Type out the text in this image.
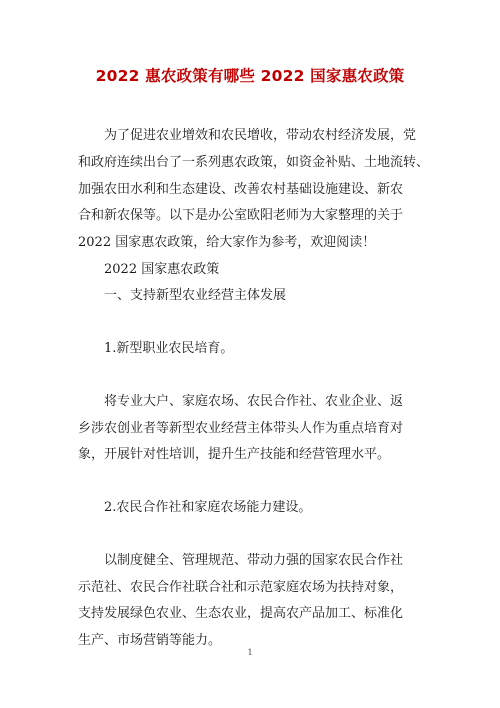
2022 惠农政策有哪些 2022 国家惠农政策
为了促进农业增效和农民增收，带动农村经济发展，党
和政府连续出台了一系列惠农政策，如资金补贴、土地流转、
加强农田水利和生态建设、改善农村基础设施建设、新农
合和新农保等。以下是办公室欧阳老师为大家整理的关于
2022 国家惠农政策，给大家作为参考，欢迎阅读！
2022 国家惠农政策
一、支持新型农业经营主体发展
1.新型职业农民培育。
将专业大户、家庭农场、农民合作社、农业企业、返
乡涉农创业者等新型农业经营主体带头人作为重点培育对
象，开展针对性培训，提升生产技能和经营管理水平。
2.农民合作社和家庭农场能力建设。
以制度健全、管理规范、带动力强的国家农民合作社
示范社、农民合作社联合社和示范家庭农场为扶持对象，
支持发展绿色农业、生态农业，提高农产品加工、标准化
生产、市场营销等能力。
1
